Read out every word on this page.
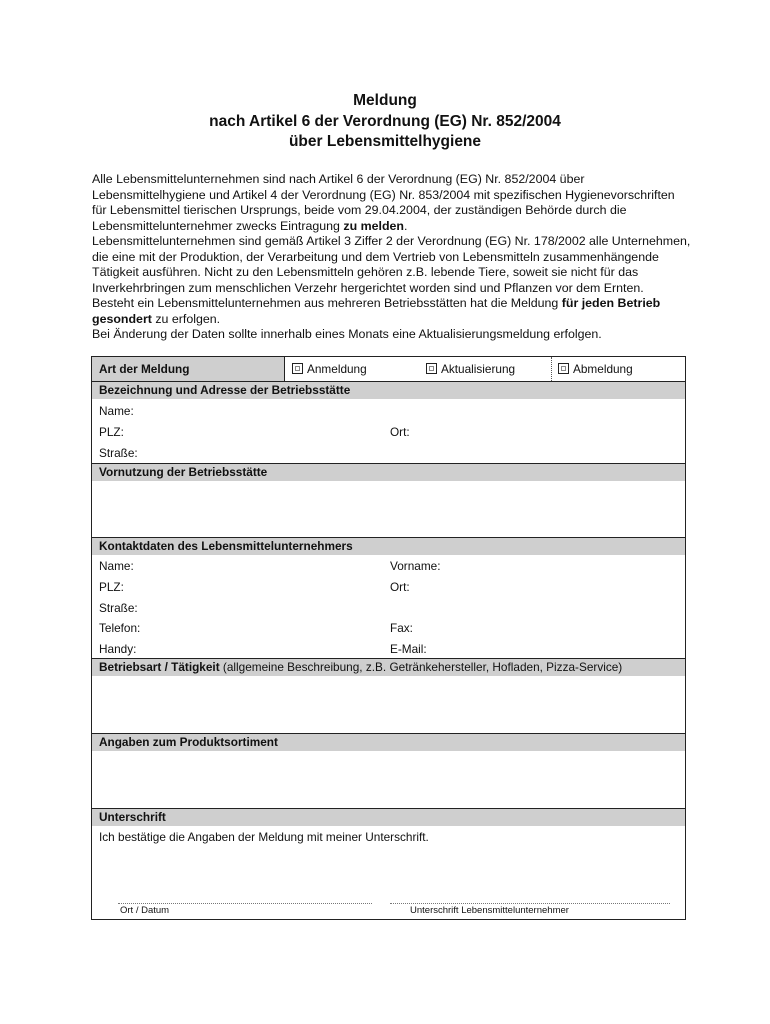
Meldung
nach Artikel 6 der Verordnung (EG) Nr. 852/2004
über Lebensmittelhygiene

Alle Lebensmittelunternehmen sind nach Artikel 6 der Verordnung (EG) Nr. 852/2004 über Lebensmittelhygiene und Artikel 4 der Verordnung (EG) Nr. 853/2004 mit spezifischen Hygienevorschriften für Lebensmittel tierischen Ursprungs, beide vom 29.04.2004, der zuständigen Behörde durch die Lebensmittelunternehmer zwecks Eintragung zu melden.

Lebensmittelunternehmen sind gemäß Artikel 3 Ziffer 2 der Verordnung (EG) Nr. 178/2002 alle Unternehmen, die eine mit der Produktion, der Verarbeitung und dem Vertrieb von Lebensmitteln zusammenhängende Tätigkeit ausführen. Nicht zu den Lebensmitteln gehören z.B. lebende Tiere, soweit sie nicht für das Inverkehrbringen zum menschlichen Verzehr hergerichtet worden sind und Pflanzen vor dem Ernten.

Besteht ein Lebensmittelunternehmen aus mehreren Betriebsstätten hat die Meldung für jeden Betrieb gesondert zu erfolgen.

Bei Änderung der Daten sollte innerhalb eines Monats eine Aktualisierungsmeldung erfolgen.

Art der Meldung	Anmeldung	Aktualisierung	Abmeldung
Bezeichnung und Adresse der Betriebsstätte
Name:
PLZ:	Ort:
Straße:
Vornutzung der Betriebsstätte
Kontaktdaten des Lebensmittelunternehmers
Name:	Vorname:
PLZ:	Ort:
Straße:
Telefon:	Fax:
Handy:	E-Mail:
Betriebsart / Tätigkeit (allgemeine Beschreibung, z.B. Getränkehersteller, Hofladen, Pizza-Service)
Angaben zum Produktsortiment
Unterschrift
Ich bestätige die Angaben der Meldung mit meiner Unterschrift.
Ort / Datum	Unterschrift Lebensmittelunternehmer
